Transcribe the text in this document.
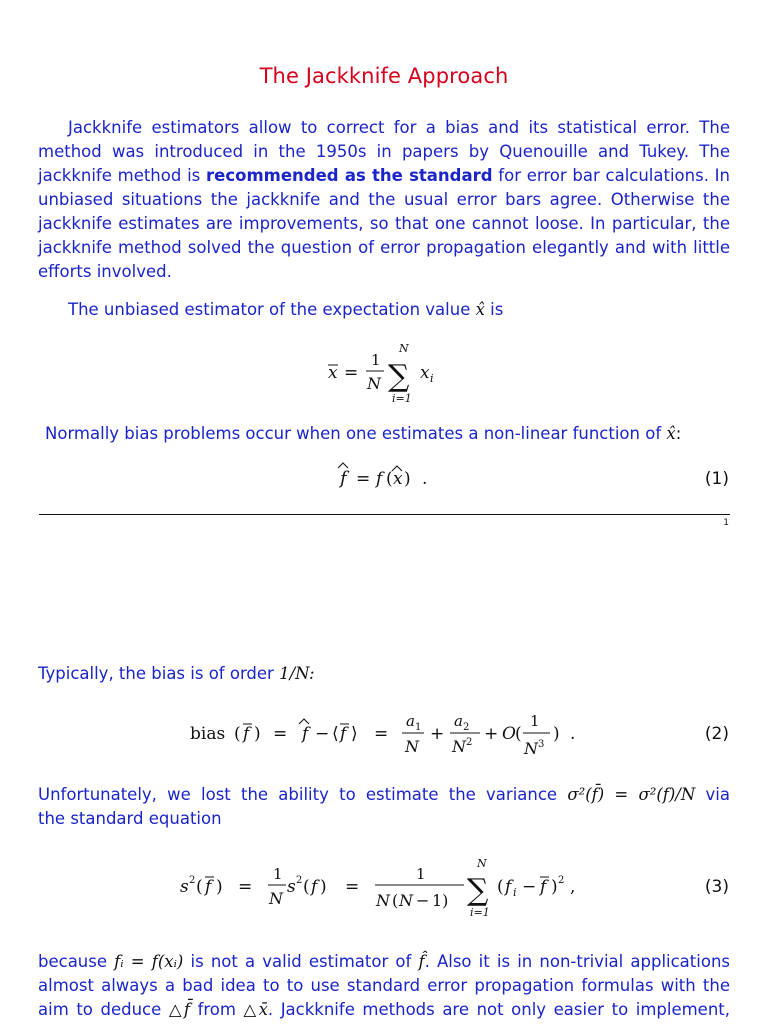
The Jackknife Approach
Jackknife estimators allow to correct for a bias and its statistical error. The
method was introduced in the 1950s in papers by Quenouille and Tukey. The
jackknife method is recommended as the standard for error bar calculations. In
unbiased situations the jackknife and the usual error bars agree. Otherwise the
jackknife estimates are improvements, so that one cannot loose. In particular, the
jackknife method solved the question of error propagation elegantly and with little
efforts involved.
The unbiased estimator of the expectation value x̂ is
x =
1
N
N
∑
i=1
x i
Normally bias problems occur when one estimates a non-linear function of x̂:
f = f ( x ) .	(1)
1
Typically, the bias is of order 1/N:
bias ( f ) = f − ⟨ f ⟩ =
a 1
N
+
a 2
N 2 + O (
1
N 3
) .	(2)
Unfortunately, we lost the ability to estimate the variance σ²(f̄) = σ²(f)/N via
the standard equation
s 2 ( f ) =
1
N
s 2 ( f ) =
1
N ( N − 1)
N
∑
i=1
( f i − f ) 2 ,	(3)
because fᵢ = f(xᵢ) is not a valid estimator of f̂. Also it is in non-trivial applications
almost always a bad idea to to use standard error propagation formulas with the
aim to deduce △f̄ from △x̄. Jackknife methods are not only easier to implement,
